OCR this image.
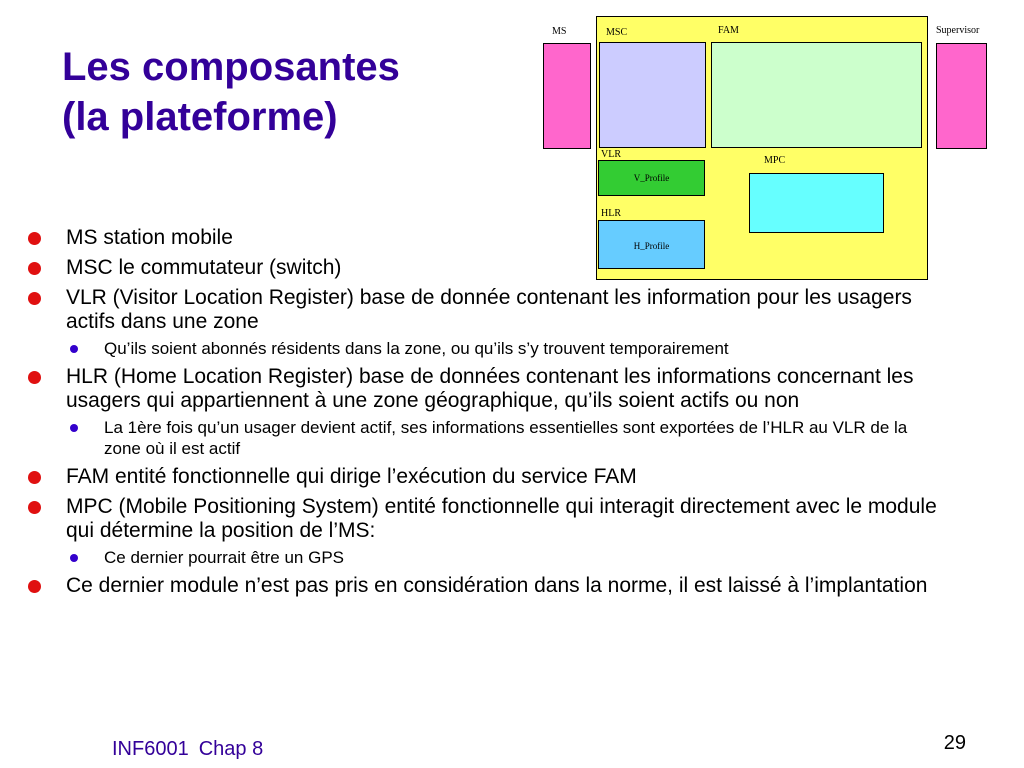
Les composantes
(la plateforme)
MS	MSC	FAM
VLR
V_Profile
MPC
HLR
H_Profile
Supervisor
MS station mobile
MSC le commutateur (switch)
VLR (Visitor Location Register) base de donnée contenant les information pour les usagers actifs dans une zone
Qu’ils soient abonnés résidents dans la zone, ou qu’ils s’y trouvent temporairement
HLR (Home Location Register) base de données contenant les informations concernant les usagers qui appartiennent à une zone géographique, qu’ils soient actifs ou non
La 1ère fois qu’un usager devient actif, ses informations essentielles sont exportées de l’HLR au VLR de la zone où il est actif
FAM entité fonctionnelle qui dirige l’exécution du service FAM
MPC (Mobile Positioning System) entité fonctionnelle qui interagit directement avec le module qui détermine la position de l’MS:
Ce dernier pourrait être un GPS
Ce dernier module n’est pas pris en considération dans la norme, il est laissé à l’implantation
INF6001 Chap 8	29
